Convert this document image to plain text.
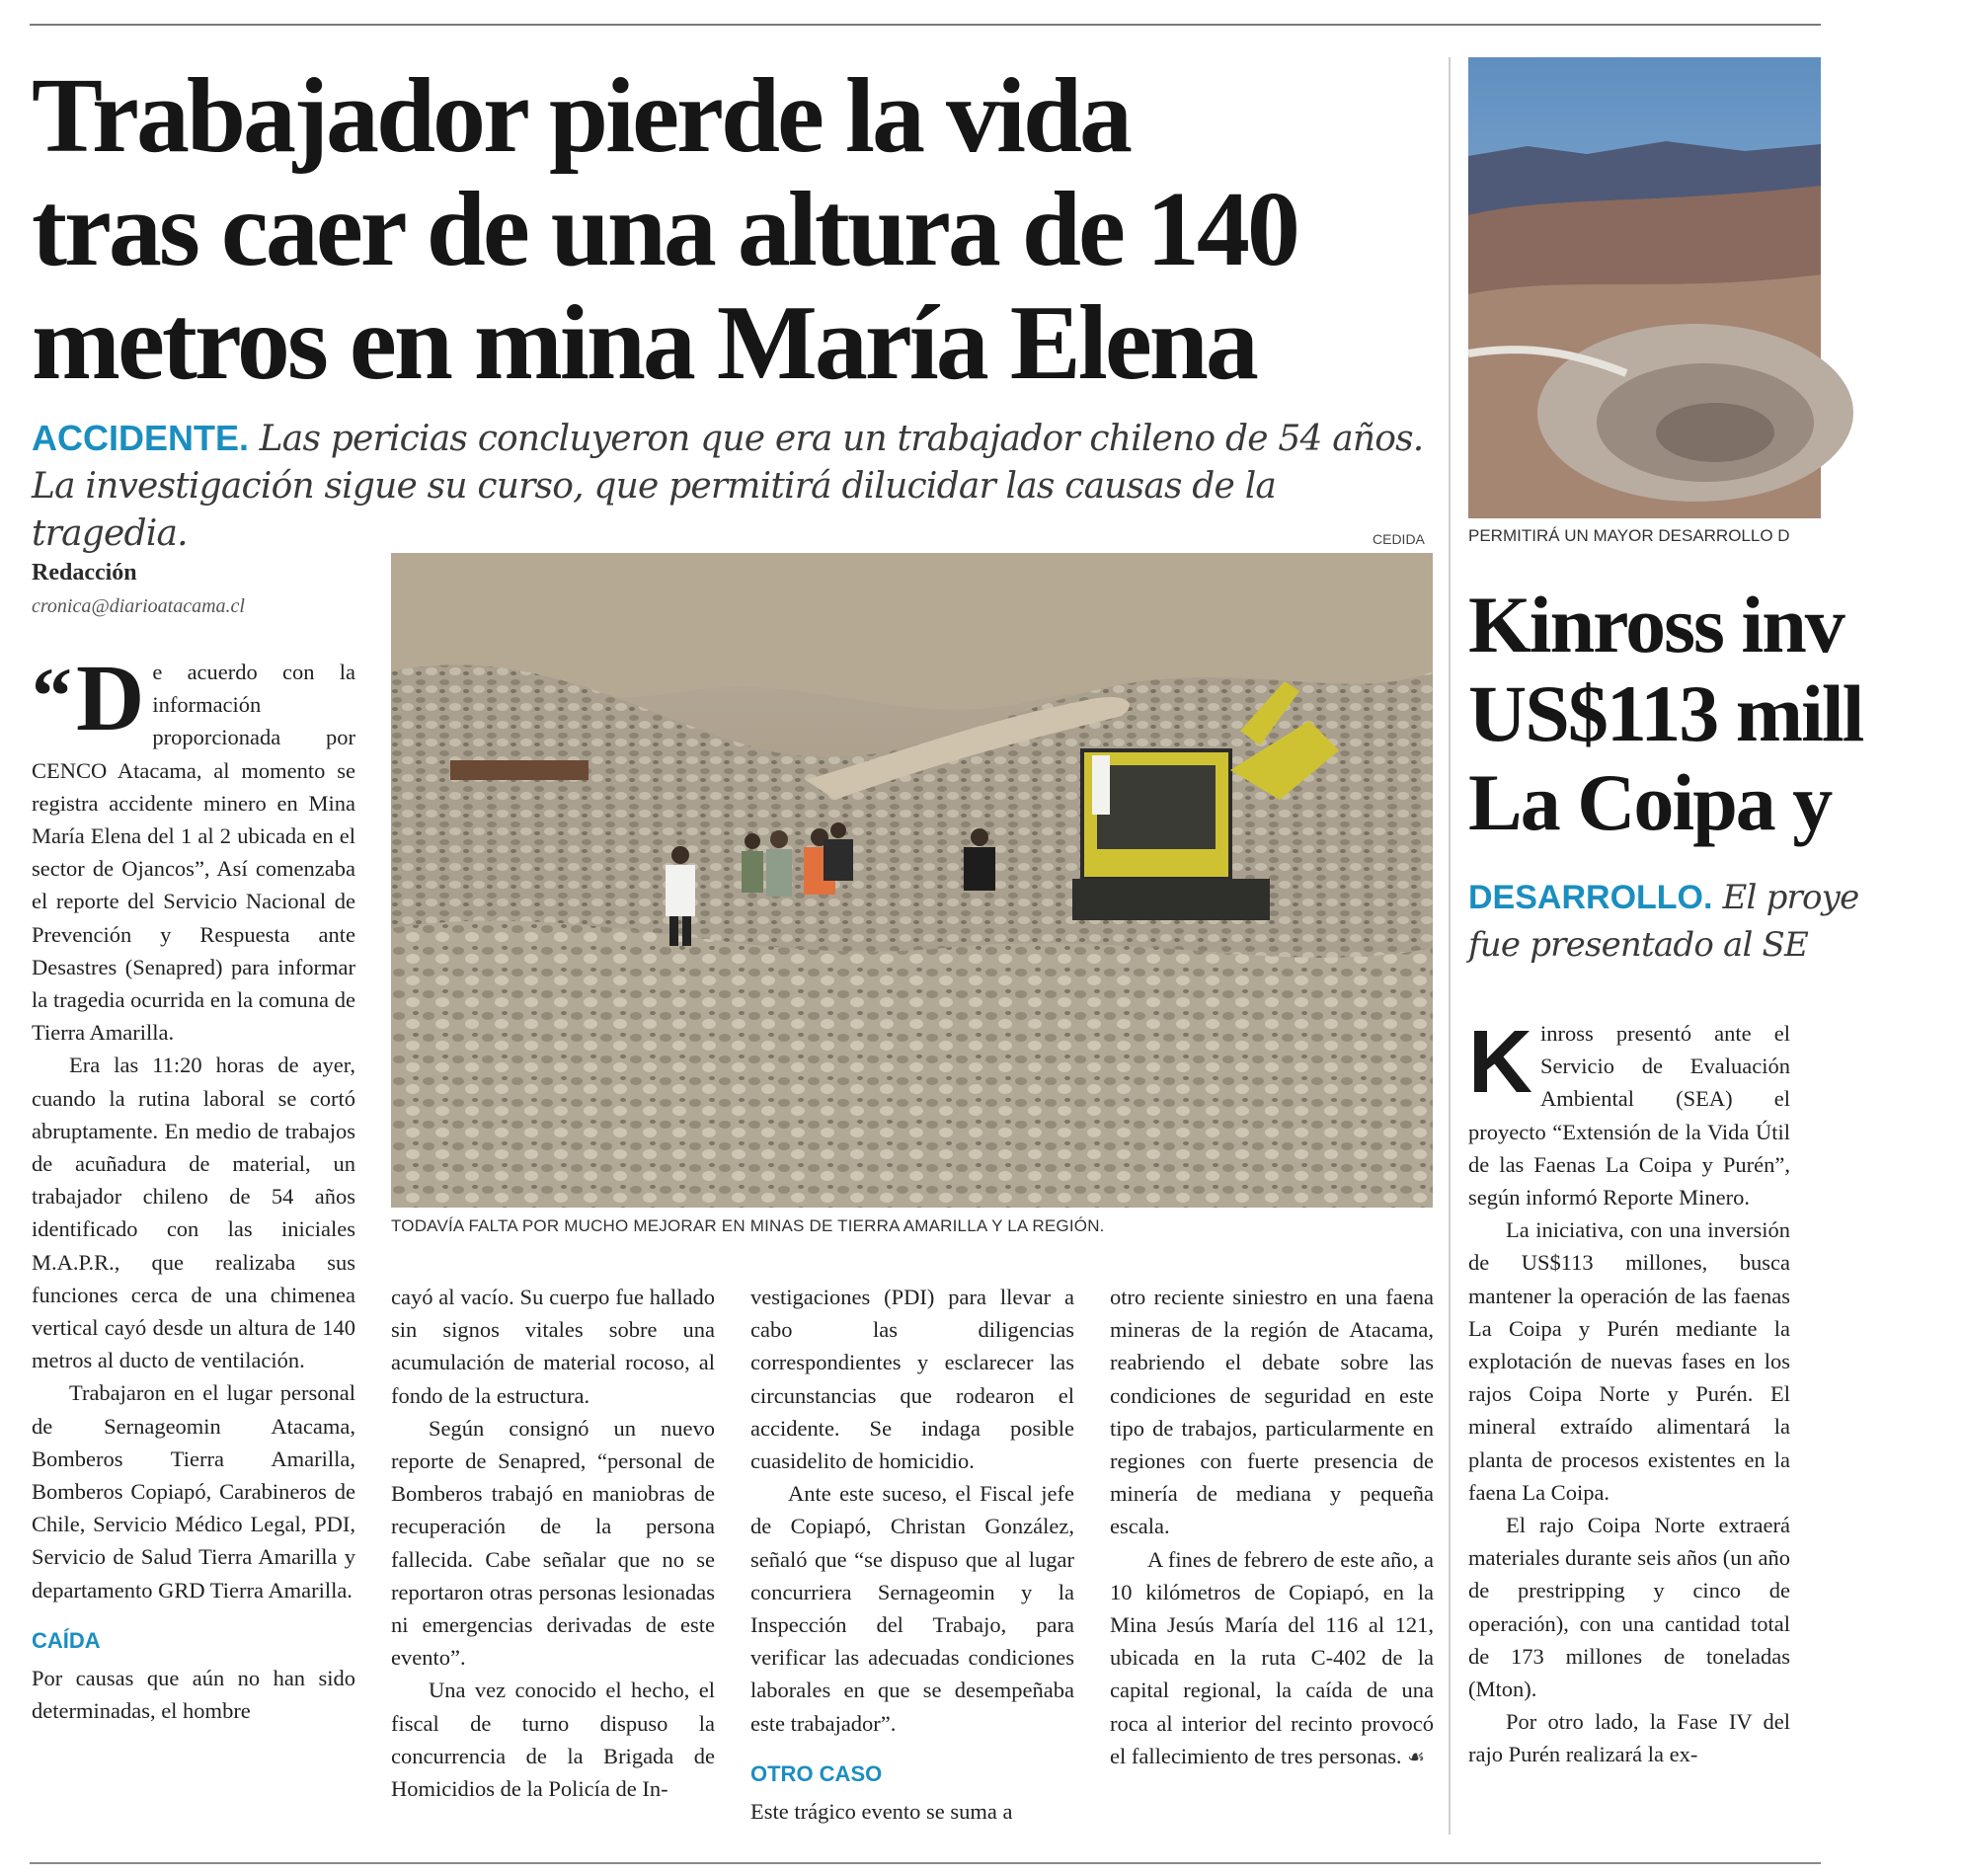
Trabajador pierde la vida
tras caer de una altura de 140
metros en mina María Elena
ACCIDENTE. Las pericias concluyeron que era un trabajador chileno de 54 años. La investigación sigue su curso, que permitirá dilucidar las causas de la tragedia.
Redacción
cronica@diarioatacama.cl
CEDIDA
TODAVÍA FALTA POR MUCHO MEJORAR EN MINAS DE TIERRA AMARILLA Y LA REGIÓN.
“ D e acuerdo con la información proporcionada por CENCO Atacama, al momento se registra accidente minero en Mina María Elena del 1 al 2 ubicada en el sector de Ojancos”, Así comenzaba el reporte del Servicio Nacional de Prevención y Respuesta ante Desastres (Senapred) para informar la tragedia ocurrida en la comuna de Tierra Amarilla.

Era las 11:20 horas de ayer, cuando la rutina laboral se cortó abruptamente. En medio de trabajos de acuñadura de material, un trabajador chileno de 54 años identificado con las iniciales M.A.P.R., que realizaba sus funciones cerca de una chimenea vertical cayó desde un altura de 140 metros al ducto de ventilación.

Trabajaron en el lugar personal de Sernageomin Atacama, Bomberos Tierra Amarilla, Bomberos Copiapó, Carabineros de Chile, Servicio Médico Legal, PDI, Servicio de Salud Tierra Amarilla y departamento GRD Tierra Amarilla.

CAÍDA

Por causas que aún no han sido determinadas, el hombre

cayó al vacío. Su cuerpo fue hallado sin signos vitales sobre una acumulación de material rocoso, al fondo de la estructura.

Según consignó un nuevo reporte de Senapred, “personal de Bomberos trabajó en maniobras de recuperación de la persona fallecida. Cabe señalar que no se reportaron otras personas lesionadas ni emergencias derivadas de este evento”.

Una vez conocido el hecho, el fiscal de turno dispuso la concurrencia de la Brigada de Homicidios de la Policía de In-

vestigaciones (PDI) para llevar a cabo las diligencias correspondientes y esclarecer las circunstancias que rodearon el accidente. Se indaga posible cuasidelito de homicidio.

Ante este suceso, el Fiscal jefe de Copiapó, Christan González, señaló que “se dispuso que al lugar concurriera Sernageomin y la Inspección del Trabajo, para verificar las adecuadas condiciones laborales en que se desempeñaba este trabajador”.

OTRO CASO

Este trágico evento se suma a

otro reciente siniestro en una faena mineras de la región de Atacama, reabriendo el debate sobre las condiciones de seguridad en este tipo de trabajos, particularmente en regiones con fuerte presencia de minería de mediana y pequeña escala.

A fines de febrero de este año, a 10 kilómetros de Copiapó, en la Mina Jesús María del 116 al 121, ubicada en la ruta C-402 de la capital regional, la caída de una roca al interior del recinto provocó el fallecimiento de tres personas. ☙

PERMITIRÁ UN MAYOR DESARROLLO D
Kinross inv
US$113 mill
La Coipa y
DESARROLLO. El proye
fue presentado al SE
K inross presentó ante el Servicio de Evaluación Ambiental (SEA) el proyecto “Extensión de la Vida Útil de las Faenas La Coipa y Purén”, según informó Reporte Minero.

La iniciativa, con una inversión de US$113 millones, busca mantener la operación de las faenas La Coipa y Purén mediante la explotación de nuevas fases en los rajos Coipa Norte y Purén. El mineral extraído alimentará la planta de procesos existentes en la faena La Coipa.

El rajo Coipa Norte extraerá materiales durante seis años (un año de prestripping y cinco de operación), con una cantidad total de 173 millones de toneladas (Mton).

Por otro lado, la Fase IV del rajo Purén realizará la ex-
